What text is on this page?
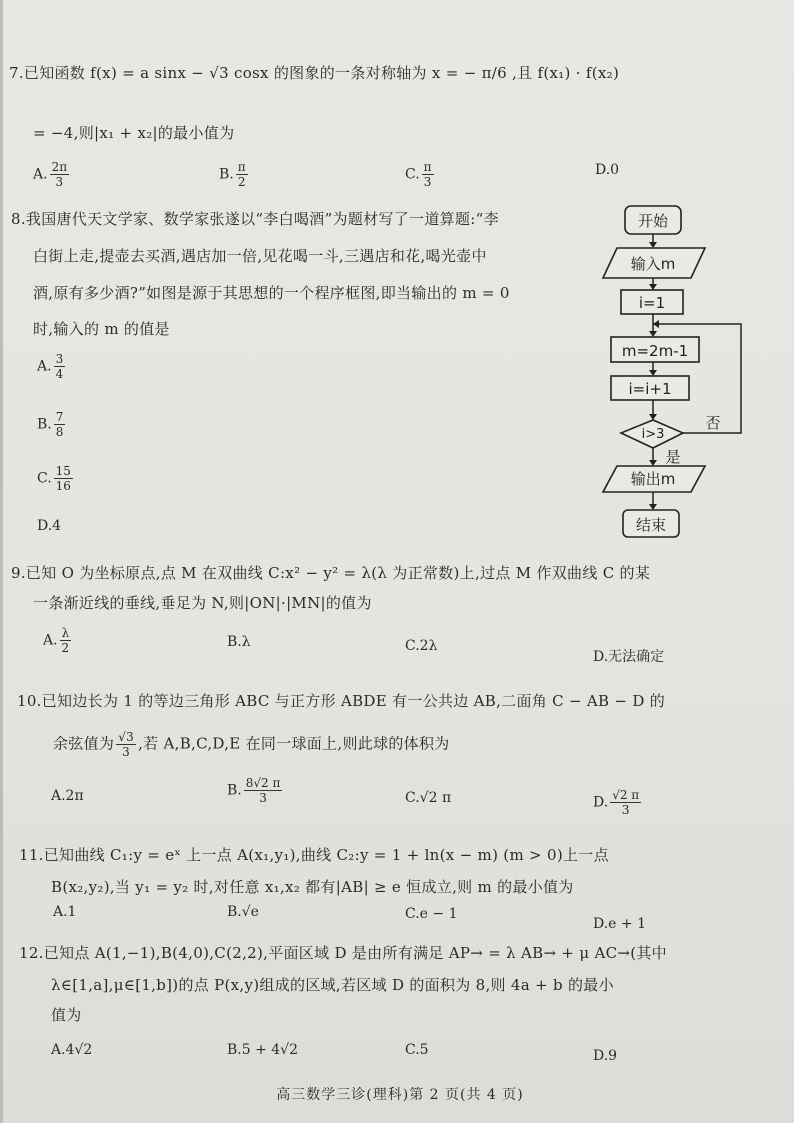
7.已知函数 f(x) = a sinx − √3 cosx 的图象的一条对称轴为 x = − π/6 ,且 f(x₁) · f(x₂)
= −4,则|x₁ + x₂|的最小值为
A. $\frac{2\pi}{3}$	B. $\frac{\pi}{2}$	C. $\frac{\pi}{3}$	D.0
8.我国唐代天文学家、数学家张遂以“李白喝酒”为题材写了一道算题:“李
白街上走,提壶去买酒,遇店加一倍,见花喝一斗,三遇店和花,喝光壶中
酒,原有多少酒?”如图是源于其思想的一个程序框图,即当输出的 m = 0
时,输入的 m 的值是
A. $\frac{3}{4}$
B. $\frac{7}{8}$
C. $\frac{15}{16}$
D.4
开始
输入m
i=1
m=2m-1
i=i+1
i>3
否
是
输出m
结束
9.已知 O 为坐标原点,点 M 在双曲线 C:x² − y² = λ(λ 为正常数)上,过点 M 作双曲线 C 的某
一条渐近线的垂线,垂足为 N,则|ON|·|MN|的值为
A. $\frac{\lambda}{2}$	B.λ	C.2λ
D.无法确定
10.已知边长为 1 的等边三角形 ABC 与正方形 ABDE 有一公共边 AB,二面角 C − AB − D 的
余弦值为 $\frac{√3}{3}$ ,若 A,B,C,D,E 在同一球面上,则此球的体积为
A.2π	B. $\frac{8√2 \pi}{3}$	C.√2 π	D. $\frac{√2 \pi}{3}$
11.已知曲线 C₁:y = eˣ 上一点 A(x₁,y₁),曲线 C₂:y = 1 + ln(x − m) (m > 0)上一点
B(x₂,y₂),当 y₁ = y₂ 时,对任意 x₁,x₂ 都有|AB| ≥ e 恒成立,则 m 的最小值为
A.1	B.√e	C.e − 1
D.e + 1
12.已知点 A(1,−1),B(4,0),C(2,2),平面区域 D 是由所有满足 AP→ = λ AB→ + μ AC→(其中
λ∈[1,a],μ∈[1,b])的点 P(x,y)组成的区域,若区域 D 的面积为 8,则 4a + b 的最小
值为
A.4√2	B.5 + 4√2	C.5	D.9
高三数学三诊(理科)第 2 页(共 4 页)
